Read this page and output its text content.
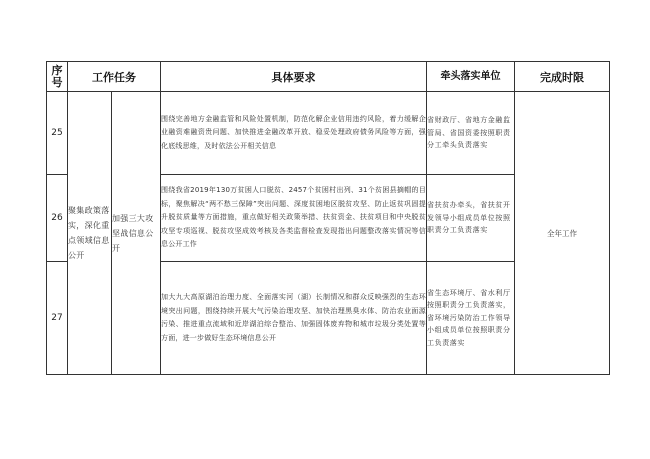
序号	工作任务		具体要求	牵头落实单位	完成时限
25	聚集政策落实，深化重点领域信息公开	加强三大攻坚战信息公开	围绕完善地方金融监管和风险处置机制，防范化解企业信用违约风险，着力缓解企业融资难融资贵问题、加快推进金融改革开放、稳妥处理政府债务风险等方面，强化底线思维，及时依法公开相关信息	省财政厅、省地方金融监管局、省国资委按照职责分工牵头负责落实	全年工作
26			围绕我省2019年130万贫困人口脱贫、2457个贫困村出列、31个贫困县摘帽的目标，聚焦解决“两不愁三保障”突出问题、深度贫困地区脱贫攻坚、防止返贫巩固提升脱贫质量等方面措施，重点做好相关政策举措、扶贫资金、扶贫项目和中央脱贫攻坚专项巡视、脱贫攻坚成效考核及各类监督检查发现指出问题整改落实情况等信息公开工作	省扶贫办牵头，省扶贫开发领导小组成员单位按照职责分工负责落实	
27			加大九大高原湖泊治理力度、全面落实河（湖）长制情况和群众反映强烈的生态环境突出问题，围绕持续开展大气污染治理攻坚、加快治理黑臭水体、防治农业面源污染、推进重点流域和近岸湖泊综合整治、加强固体废弃物和城市垃圾分类处置等方面，进一步做好生态环境信息公开	省生态环境厅、省水利厅按照职责分工负责落实，省环境污染防治工作领导小组成员单位按照职责分工负责落实	
